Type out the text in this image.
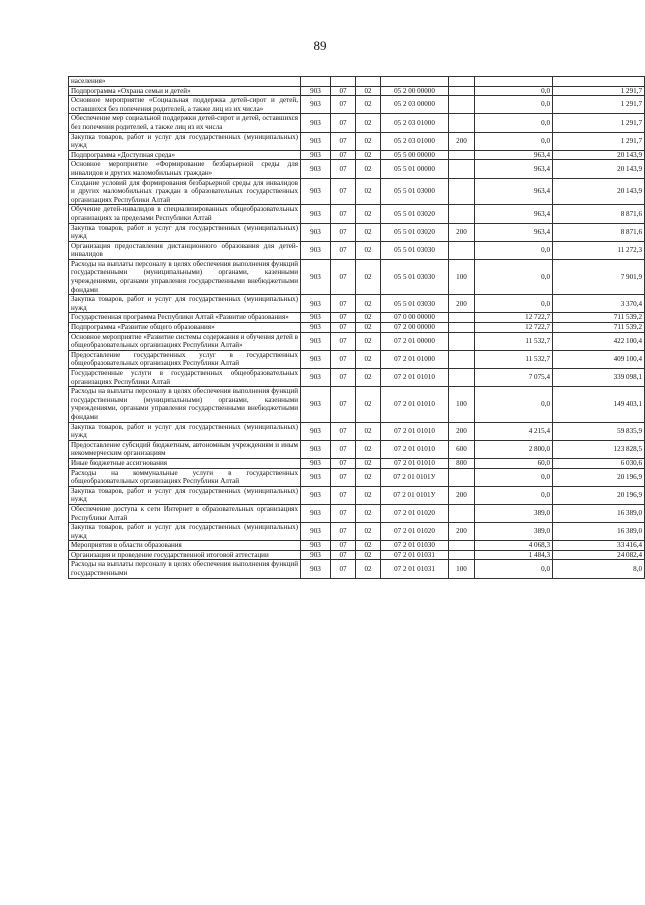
89
населения»							
Подпрограмма «Охрана семьи и детей»	903	07	02	05 2 00 00000		0,0	1 291,7
Основное мероприятие «Социальная поддержка детей-сирот и детей, оставшихся без попечения родителей, а также лиц из их числа»	903	07	02	05 2 03 00000		0,0	1 291,7
Обеспечение мер социальной поддержки детей-сирот и детей, оставшихся без попечения родителей, а также лиц из их числа	903	07	02	05 2 03 01000		0,0	1 291,7
Закупка товаров, работ и услуг для государственных (муниципальных) нужд	903	07	02	05 2 03 01000	200	0,0	1 291,7
Подпрограмма «Доступная среда»	903	07	02	05 5 00 00000		963,4	20 143,9
Основное мероприятие «Формирование безбарьерной среды для инвалидов и других маломобильных граждан»	903	07	02	05 5 01 00000		963,4	20 143,9
Создание условий для формирования безбарьерной среды для инвалидов и других маломобильных граждан в образовательных государственных организациях Республики Алтай	903	07	02	05 5 01 03000		963,4	20 143,9
Обучение детей-инвалидов в специализированных общеобразовательных организациях за пределами Республики Алтай	903	07	02	05 5 01 03020		963,4	8 871,6
Закупка товаров, работ и услуг для государственных (муниципальных) нужд	903	07	02	05 5 01 03020	200	963,4	8 871,6
Организация предоставления дистанционного образования для детей-инвалидов	903	07	02	05 5 01 03030		0,0	11 272,3
Расходы на выплаты персоналу в целях обеспечения выполнения функций государственными (муниципальными) органами, казенными учреждениями, органами управления государственными внебюджетными фондами	903	07	02	05 5 01 03030	100	0,0	7 901,9
Закупка товаров, работ и услуг для государственных (муниципальных) нужд	903	07	02	05 5 01 03030	200	0,0	3 370,4
Государственная программа Республики Алтай «Развитие образования»	903	07	02	07 0 00 00000		12 722,7	711 539,2
Подпрограмма «Развитие общего образования»	903	07	02	07 2 00 00000		12 722,7	711 539,2
Основное мероприятие «Развитие системы содержания и обучения детей в общеобразовательных организациях Республики Алтай»	903	07	02	07 2 01 00000		11 532,7	422 100,4
Предоставление государственных услуг в государственных общеобразовательных организациях Республики Алтай	903	07	02	07 2 01 01000		11 532,7	409 100,4
Государственные услуги в государственных общеобразовательных организациях Республики Алтай	903	07	02	07 2 01 01010		7 075,4	339 098,1
Расходы на выплаты персоналу в целях обеспечения выполнения функций государственными (муниципальными) органами, казенными учреждениями, органами управления государственными внебюджетными фондами	903	07	02	07 2 01 01010	100	0,0	149 403,1
Закупка товаров, работ и услуг для государственных (муниципальных) нужд	903	07	02	07 2 01 01010	200	4 215,4	59 835,9
Предоставление субсидий бюджетным, автономным учреждениям и иным некоммерческим организациям	903	07	02	07 2 01 01010	600	2 800,0	123 828,5
Иные бюджетные ассигнования	903	07	02	07 2 01 01010	800	60,0	6 030,6
Расходы на коммунальные услуги в государственных общеобразовательных организациях Республики Алтай	903	07	02	07 2 01 0101У		0,0	20 196,9
Закупка товаров, работ и услуг для государственных (муниципальных) нужд	903	07	02	07 2 01 0101У	200	0,0	20 196,9
Обеспечение доступа к сети Интернет в образовательных организациях Республики Алтай	903	07	02	07 2 01 01020		389,0	16 389,0
Закупка товаров, работ и услуг для государственных (муниципальных) нужд	903	07	02	07 2 01 01020	200	389,0	16 389,0
Мероприятия в области образования	903	07	02	07 2 01 01030		4 068,3	33 416,4
Организация и проведение государственной итоговой аттестации	903	07	02	07 2 01 01031		1 484,3	24 082,4
Расходы на выплаты персоналу в целях обеспечения выполнения функций государственными	903	07	02	07 2 01 01031	100	0,0	8,0
